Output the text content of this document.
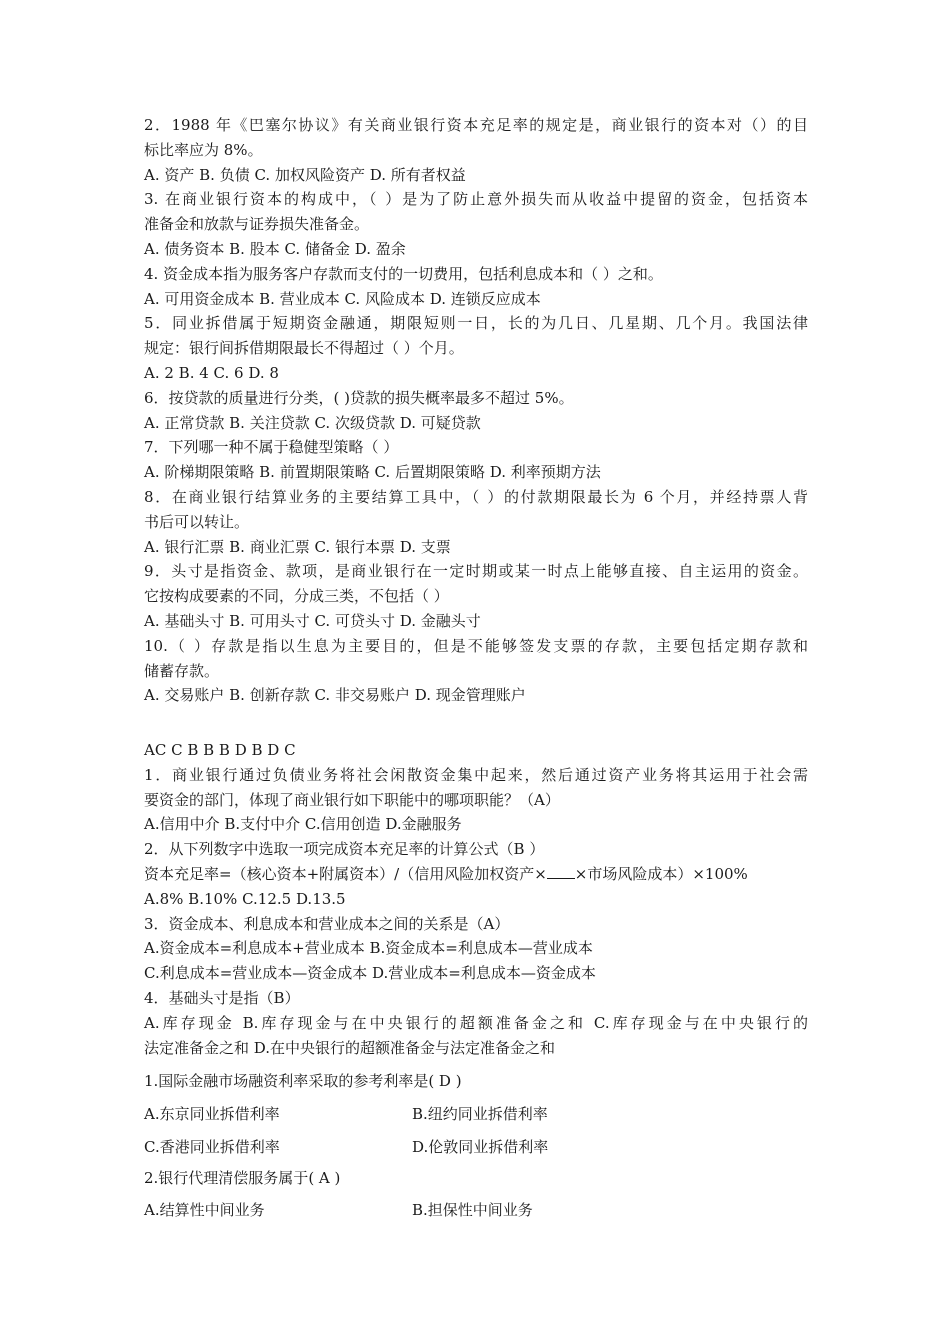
2．1988 年《巴塞尔协议》有关商业银行资本充足率的规定是，商业银行的资本对（）的目
标比率应为 8%。
A. 资产 B. 负债 C. 加权风险资产 D. 所有者权益
3. 在商业银行资本的构成中，（ ）是为了防止意外损失而从收益中提留的资金，包括资本
准备金和放款与证券损失准备金。
A. 债务资本 B. 股本 C. 储备金 D. 盈余
4. 资金成本指为服务客户存款而支付的一切费用，包括利息成本和（ ）之和。
A. 可用资金成本 B. 营业成本 C. 风险成本 D. 连锁反应成本
5．同业拆借属于短期资金融通，期限短则一日，长的为几日、几星期、几个月。我国法律
规定：银行间拆借期限最长不得超过（ ）个月。
A. 2 B. 4 C. 6 D. 8
6．按贷款的质量进行分类，( )贷款的损失概率最多不超过 5%。
A. 正常贷款 B. 关注贷款 C. 次级贷款 D. 可疑贷款
7．下列哪一种不属于稳健型策略（ ）
A. 阶梯期限策略 B. 前置期限策略 C. 后置期限策略 D. 利率预期方法
8．在商业银行结算业务的主要结算工具中，（ ）的付款期限最长为 6 个月，并经持票人背
书后可以转让。
A. 银行汇票 B. 商业汇票 C. 银行本票 D. 支票
9．头寸是指资金、款项，是商业银行在一定时期或某一时点上能够直接、自主运用的资金。
它按构成要素的不同，分成三类，不包括（ ）
A. 基础头寸 B. 可用头寸 C. 可贷头寸 D. 金融头寸
10.（ ）存款是指以生息为主要目的，但是不能够签发支票的存款，主要包括定期存款和
储蓄存款。
A. 交易账户 B. 创新存款 C. 非交易账户 D. 现金管理账户
AC C B B B D B D C
1．商业银行通过负债业务将社会闲散资金集中起来，然后通过资产业务将其运用于社会需
要资金的部门，体现了商业银行如下职能中的哪项职能？（A）
A.信用中介 B.支付中介 C.信用创造 D.金融服务
2．从下列数字中选取一项完成资本充足率的计算公式（B ）
资本充足率=（核心资本+附属资本）/（信用风险加权资产× ×市场风险成本）×100%
A.8% B.10% C.12.5 D.13.5
3．资金成本、利息成本和营业成本之间的关系是（A）
A.资金成本=利息成本+营业成本 B.资金成本=利息成本—营业成本
C.利息成本=营业成本—资金成本 D.营业成本=利息成本—资金成本
4．基础头寸是指（B）
A.库存现金 B.库存现金与在中央银行的超额准备金之和 C.库存现金与在中央银行的
法定准备金之和 D.在中央银行的超额准备金与法定准备金之和
1.国际金融市场融资利率采取的参考利率是( D )
A.东京同业拆借利率	B.纽约同业拆借利率
C.香港同业拆借利率	D.伦敦同业拆借利率
2.银行代理清偿服务属于( A )
A.结算性中间业务	B.担保性中间业务
